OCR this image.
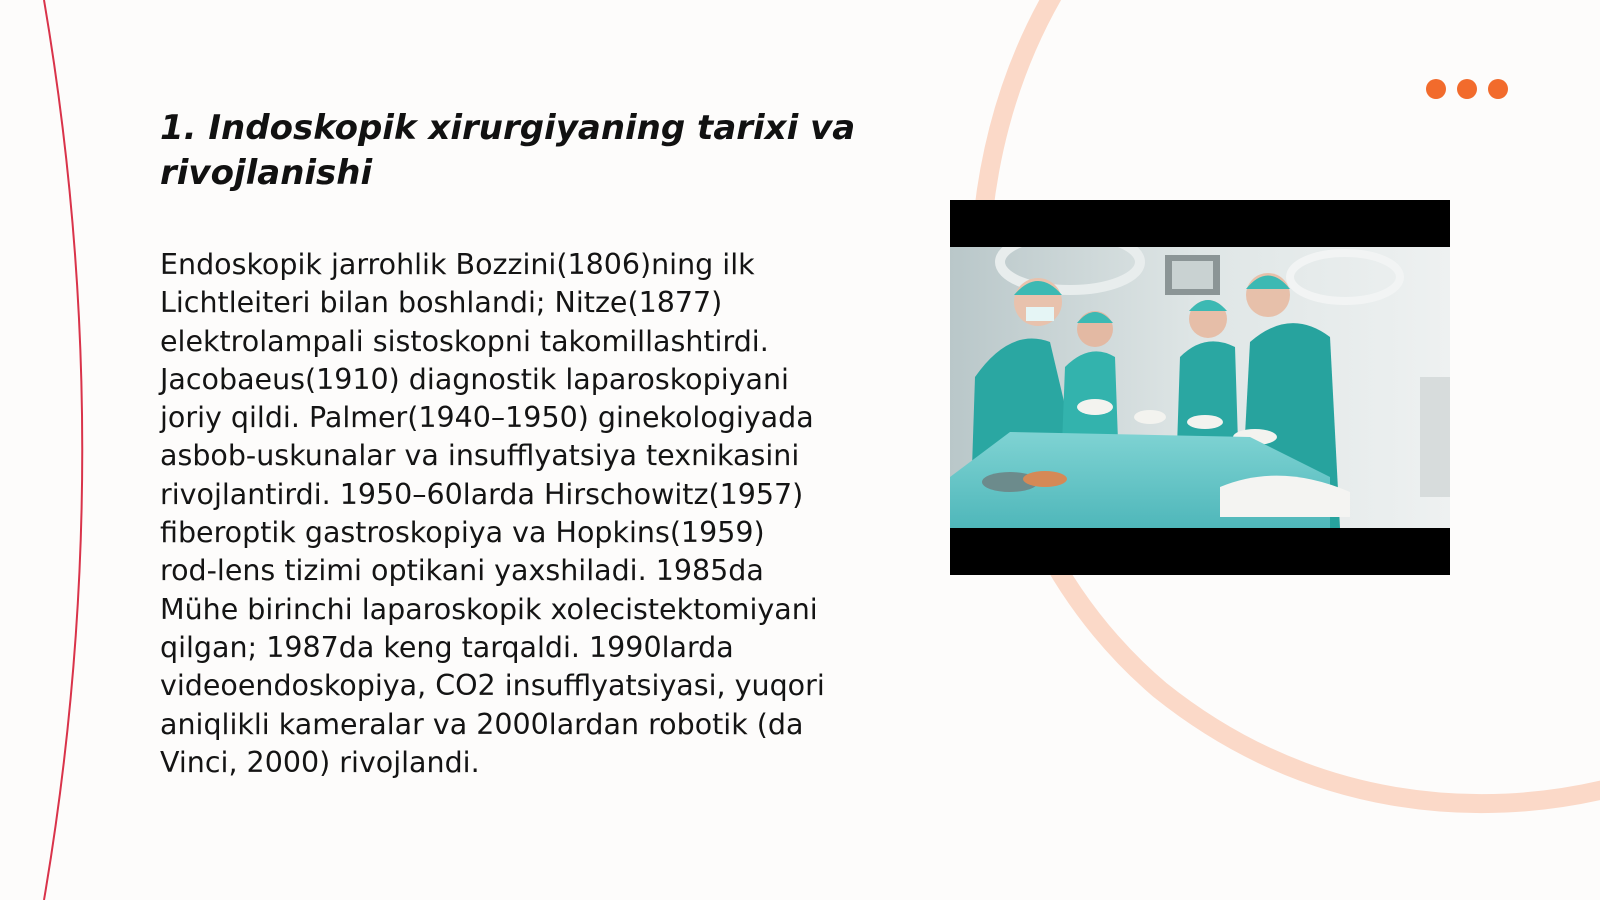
1. Indoskopik xirurgiyaning tarixi va rivojlanishi

Endoskopik jarrohlik Bozzini(1806)ning ilk Lichtleiteri bilan boshlandi; Nitze(1877) elektrolampali sistoskopni takomillashtirdi. Jacobaeus(1910) diagnostik laparoskopiyani joriy qildi. Palmer(1940–1950) ginekologiyada asbob-uskunalar va insufflyatsiya texnikasini rivojlantirdi. 1950–60larda Hirschowitz(1957) fiberoptik gastroskopiya va Hopkins(1959) rod-lens tizimi optikani yaxshiladi. 1985da Mühe birinchi laparoskopik xolecistektomiyani qilgan; 1987da keng tarqaldi. 1990larda videoendoskopiya, CO2 insufflyatsiyasi, yuqori aniqlikli kameralar va 2000lardan robotik (da Vinci, 2000) rivojlandi.
